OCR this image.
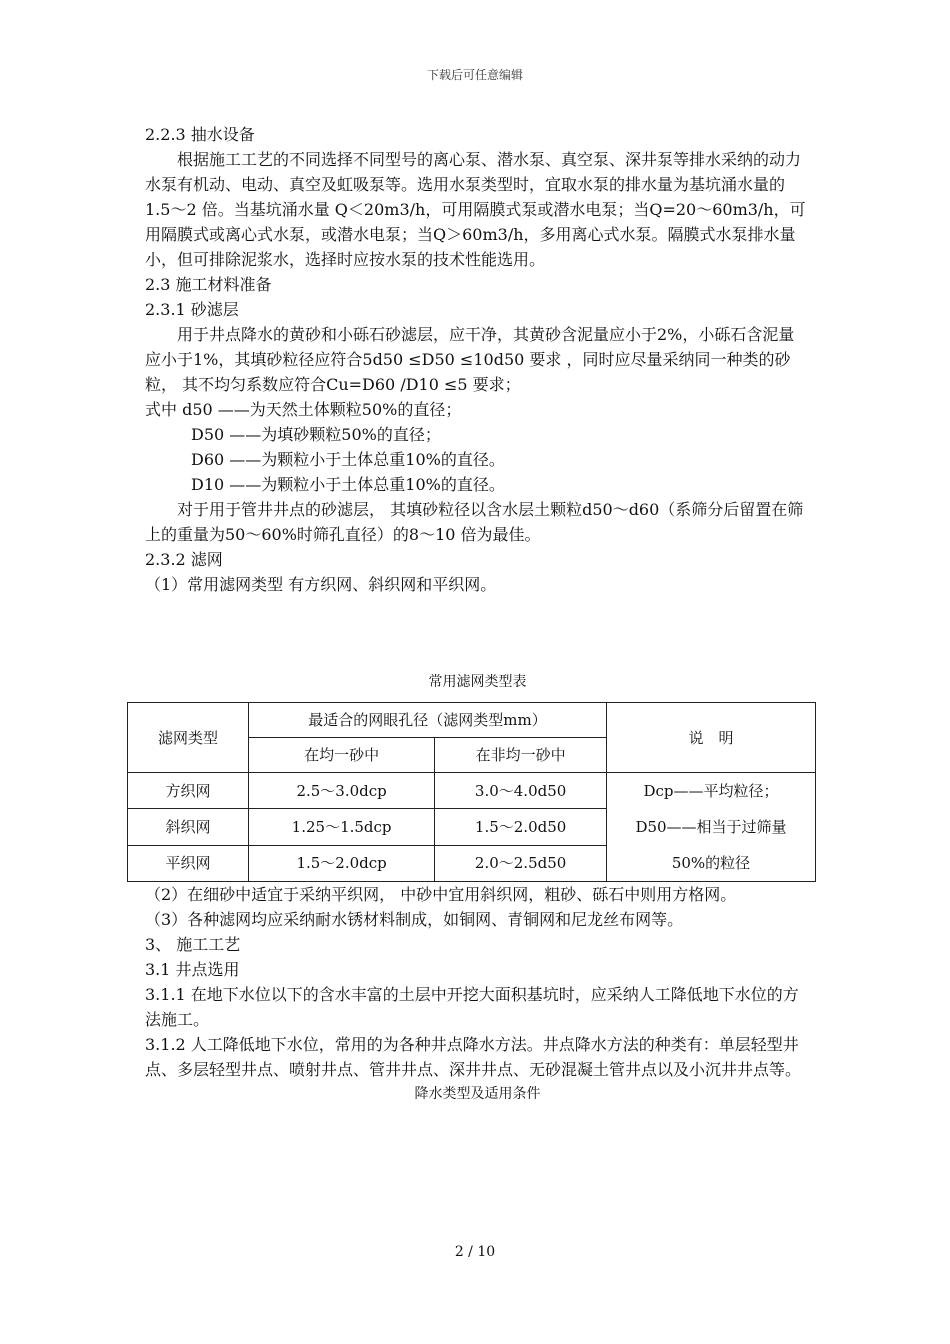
下载后可任意编辑

2.2.3 抽水设备

根据施工工艺的不同选择不同型号的离心泵、潜水泵、真空泵、深井泵等排水采纳的动力水泵有机动、电动、真空及虹吸泵等。选用水泵类型时，宜取水泵的排水量为基坑涌水量的1.5～2 倍。当基坑涌水量 Q＜20m3/h，可用隔膜式泵或潜水电泵；当Q=20～60m3/h，可用隔膜式或离心式水泵，或潜水电泵；当Q＞60m3/h，多用离心式水泵。隔膜式水泵排水量小，但可排除泥浆水，选择时应按水泵的技术性能选用。

2.3 施工材料准备

2.3.1 砂滤层

用于井点降水的黄砂和小砾石砂滤层，应干净，其黄砂含泥量应小于2%，小砾石含泥量应小于1%，其填砂粒径应符合5d50 ≤D50 ≤10d50 要求 ，同时应尽量采纳同一种类的砂粒， 其不均匀系数应符合Cu=D60 /D10 ≤5 要求；

式中 d50 ——为天然土体颗粒50%的直径；

D50 ——为填砂颗粒50%的直径；

D60 ——为颗粒小于土体总重10%的直径。

D10 ——为颗粒小于土体总重10%的直径。

对于用于管井井点的砂滤层， 其填砂粒径以含水层土颗粒d50～d60（系筛分后留置在筛上的重量为50～60%时筛孔直径）的8～10 倍为最佳。

2.3.2 滤网

（1）常用滤网类型 有方织网、斜织网和平织网。

常用滤网类型表

滤网类型	最适合的网眼孔径（滤网类型mm）		说　明
	在均一砂中	在非均一砂中	
方织网	2.5～3.0dcp	3.0～4.0d50	Dcp——平均粒径；
D50——相当于过筛量
50%的粒径

斜织网	1.25～1.5dcp	1.5～2.0d50	
平织网	1.5～2.0dcp	2.0～2.5d50	

（2）在细砂中适宜于采纳平织网， 中砂中宜用斜织网，粗砂、砾石中则用方格网。

（3）各种滤网均应采纳耐水锈材料制成，如铜网、青铜网和尼龙丝布网等。

3、 施工工艺

3.1 井点选用

3.1.1 在地下水位以下的含水丰富的土层中开挖大面积基坑时，应采纳人工降低地下水位的方法施工。

3.1.2 人工降低地下水位，常用的为各种井点降水方法。井点降水方法的种类有：单层轻型井点、多层轻型井点、喷射井点、管井井点、深井井点、无砂混凝土管井点以及小沉井井点等。

降水类型及适用条件

2 / 10
